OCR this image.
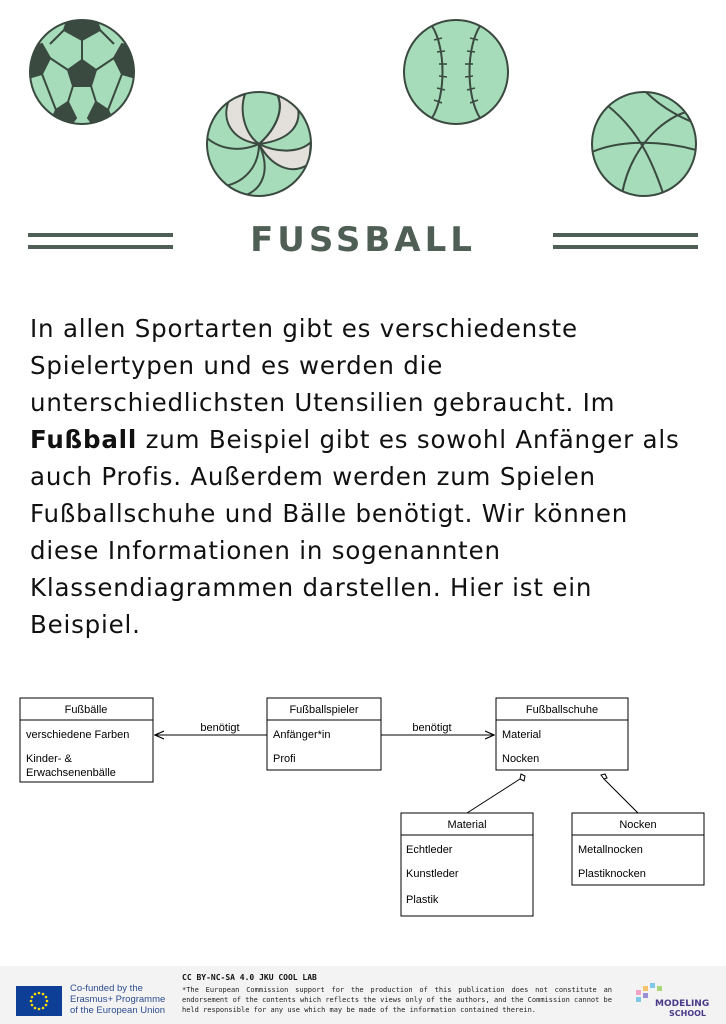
FUSSBALL

In allen Sportarten gibt es verschiedenste Spielertypen und es werden die unterschiedlichsten Utensilien gebraucht. Im Fußball zum Beispiel gibt es sowohl Anfänger als auch Profis. Außerdem werden zum Spielen Fußballschuhe und Bälle benötigt. Wir können diese Informationen in sogenannten Klassendiagrammen darstellen. Hier ist ein Beispiel.

Fußbälle
verschiedene Farben
Kinder- &
Erwachsenenbälle
Fußballspieler
Anfänger*in
Profi
Fußballschuhe
Material
Nocken
Material
Echtleder
Kunstleder
Plastik
Nocken
Metallnocken
Plastiknocken
benötigt	benötigt
Co-funded by the
Erasmus+ Programme
of the European Union
CC BY-NC-SA 4.0 JKU COOL LAB
*The European Commission support for the production of this publication does not constitute an endorsement of the contents which reflects the views only of the authors, and the Commission cannot be held responsible for any use which may be made of the information contained therein.
MODELING
SCHOOL
